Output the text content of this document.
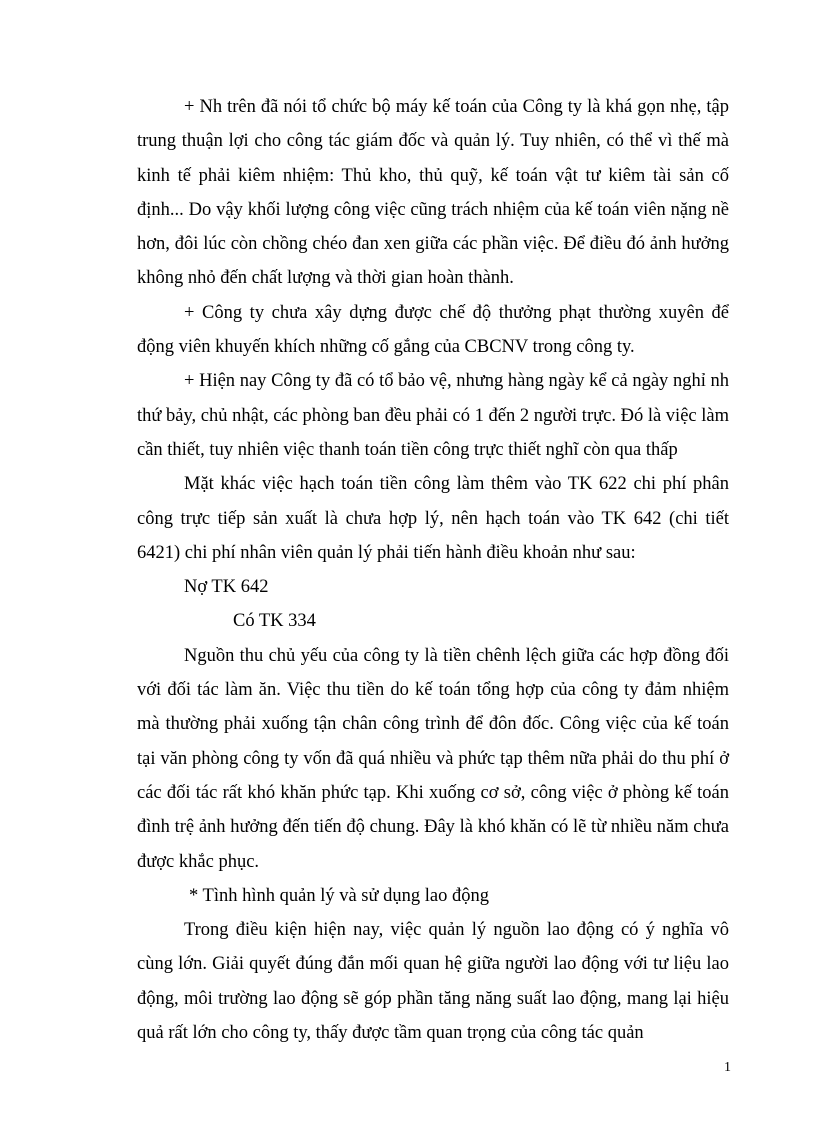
+ Nh trên đã nói tổ chức bộ máy kế toán của Công ty là khá gọn nhẹ, tập trung thuận lợi cho công tác giám đốc và quản lý. Tuy nhiên, có thể vì thế mà kinh tế phải kiêm nhiệm: Thủ kho, thủ quỹ, kế toán vật tư kiêm tài sản cố định... Do vậy khối lượng công việc cũng trách nhiệm của kế toán viên nặng nề hơn, đôi lúc còn chồng chéo đan xen giữa các phần việc. Để điều đó ảnh hưởng không nhỏ đến chất lượng và thời gian hoàn thành.

+ Công ty chưa xây dựng được chế độ thưởng phạt thường xuyên để động viên khuyến khích những cố gắng của CBCNV trong công ty.

+ Hiện nay Công ty đã có tổ bảo vệ, nhưng hàng ngày kể cả ngày nghỉ nh thứ bảy, chủ nhật, các phòng ban đều phải có 1 đến 2 người trực. Đó là việc làm cần thiết, tuy nhiên việc thanh toán tiền công trực thiết nghĩ còn qua thấp

Mặt khác việc hạch toán tiền công làm thêm vào TK 622 chi phí phân công trực tiếp sản xuất là chưa hợp lý, nên hạch toán vào TK 642 (chi tiết 6421) chi phí nhân viên quản lý phải tiến hành điều khoản như sau:

Nợ TK 642

Có TK 334

Nguồn thu chủ yếu của công ty là tiền chênh lệch giữa các hợp đồng đối với đối tác làm ăn. Việc thu tiền do kế toán tổng hợp của công ty đảm nhiệm mà thường phải xuống tận chân công trình để đôn đốc. Công việc của kế toán tại văn phòng công ty vốn đã quá nhiều và phức tạp thêm nữa phải do thu phí ở các đối tác rất khó khăn phức tạp. Khi xuống cơ sở, công việc ở phòng kế toán đình trệ ảnh hưởng đến tiến độ chung. Đây là khó khăn có lẽ từ nhiều năm chưa được khắc phục.

* Tình hình quản lý và sử dụng lao động

Trong điều kiện hiện nay, việc quản lý nguồn lao động có ý nghĩa vô cùng lớn. Giải quyết đúng đắn mối quan hệ giữa người lao động với tư liệu lao động, môi trường lao động sẽ góp phần tăng năng suất lao động, mang lại hiệu quả rất lớn cho công ty, thấy được tầm quan trọng của công tác quản

1
